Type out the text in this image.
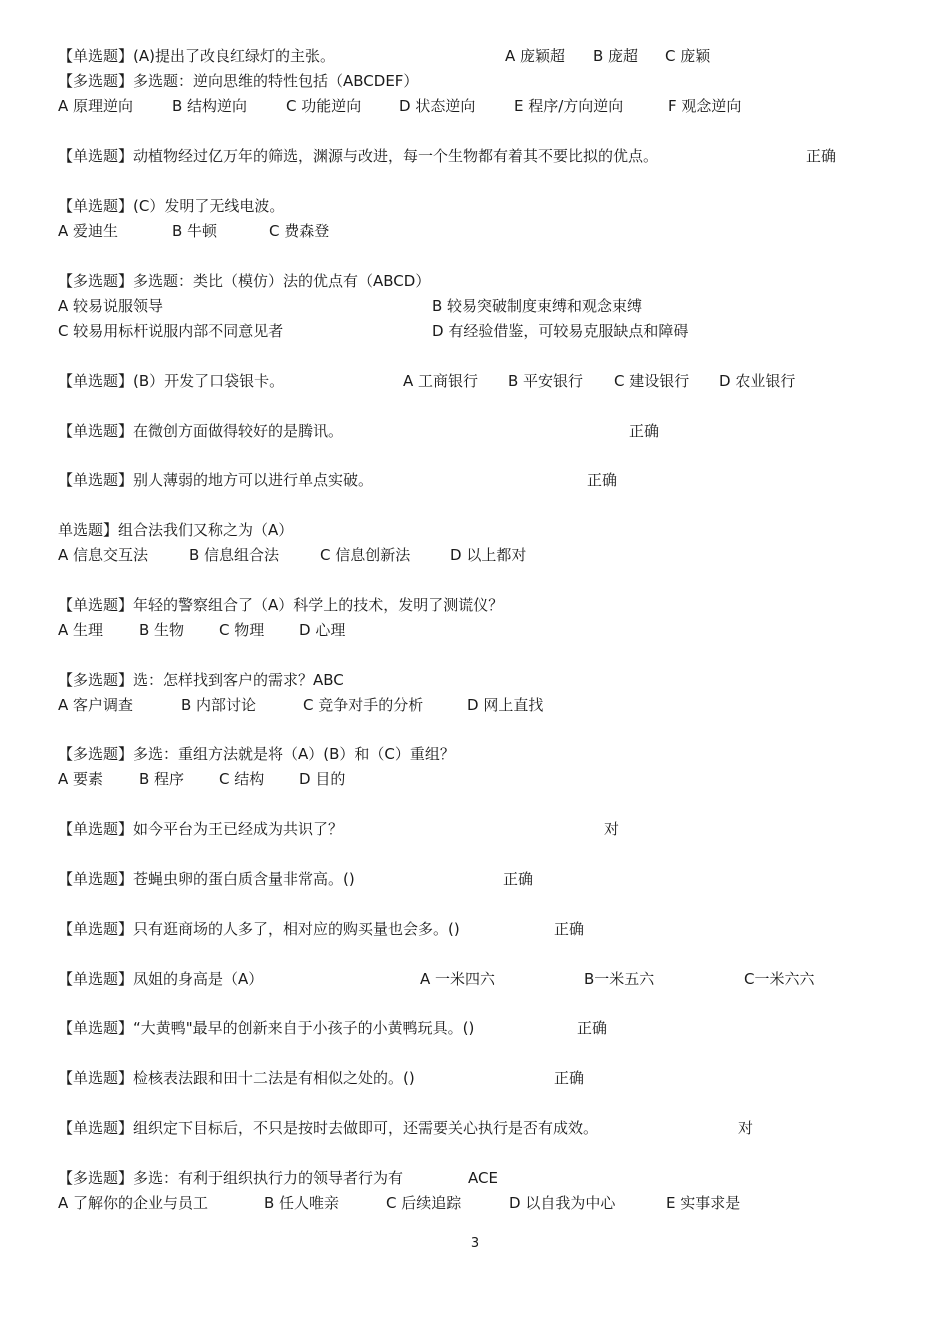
【单选题】(A)提出了改良红绿灯的主张。	A 庞颖超 B 庞超 C 庞颖
【多选题】多选题：逆向思维的特性包括（ABCDEF）
A 原理逆向	B 结构逆向	C 功能逆向	D 状态逆向	E 程序/方向逆向	F 观念逆向
【单选题】动植物经过亿万年的筛选，渊源与改进，每一个生物都有着其不要比拟的优点。	正确
【单选题】(C）发明了无线电波。
A 爱迪生	B 牛顿	C 费森登
【多选题】多选题：类比（模仿）法的优点有（ABCD）
A 较易说服领导	B 较易突破制度束缚和观念束缚
C 较易用标杆说服内部不同意见者	D 有经验借鉴，可较易克服缺点和障碍
【单选题】(B）开发了口袋银卡。	A 工商银行 B 平安银行 C 建设银行 D 农业银行
【单选题】在微创方面做得较好的是腾讯。	正确
【单选题】别人薄弱的地方可以进行单点实破。	正确
单选题】组合法我们又称之为（A）
A 信息交互法	B 信息组合法	C 信息创新法	D 以上都对
【单选题】年轻的警察组合了（A）科学上的技术，发明了测谎仪？
A 生理 B 生物 C 物理 D 心理
【多选题】选：怎样找到客户的需求？ABC
A 客户调查	B 内部讨论	C 竞争对手的分析	D 网上直找
【多选题】多选：重组方法就是将（A）(B）和（C）重组？
A 要素 B 程序 C 结构 D 目的
【单选题】如今平台为王已经成为共识了？	对
【单选题】苍蝇虫卵的蛋白质含量非常高。()	正确
【单选题】只有逛商场的人多了，相对应的购买量也会多。()	正确
【单选题】凤姐的身高是（A）	A 一米四六	B一米五六	C一米六六
【单选题】“大黄鸭"最早的创新来自于小孩子的小黄鸭玩具。()	正确
【单选题】检核表法跟和田十二法是有相似之处的。()	正确
【单选题】组织定下目标后，不只是按时去做即可，还需要关心执行是否有成效。	对
【多选题】多选：有利于组织执行力的领导者行为有	ACE
A 了解你的企业与员工	B 任人唯亲	C 后续追踪	D 以自我为中心	E 实事求是
3
